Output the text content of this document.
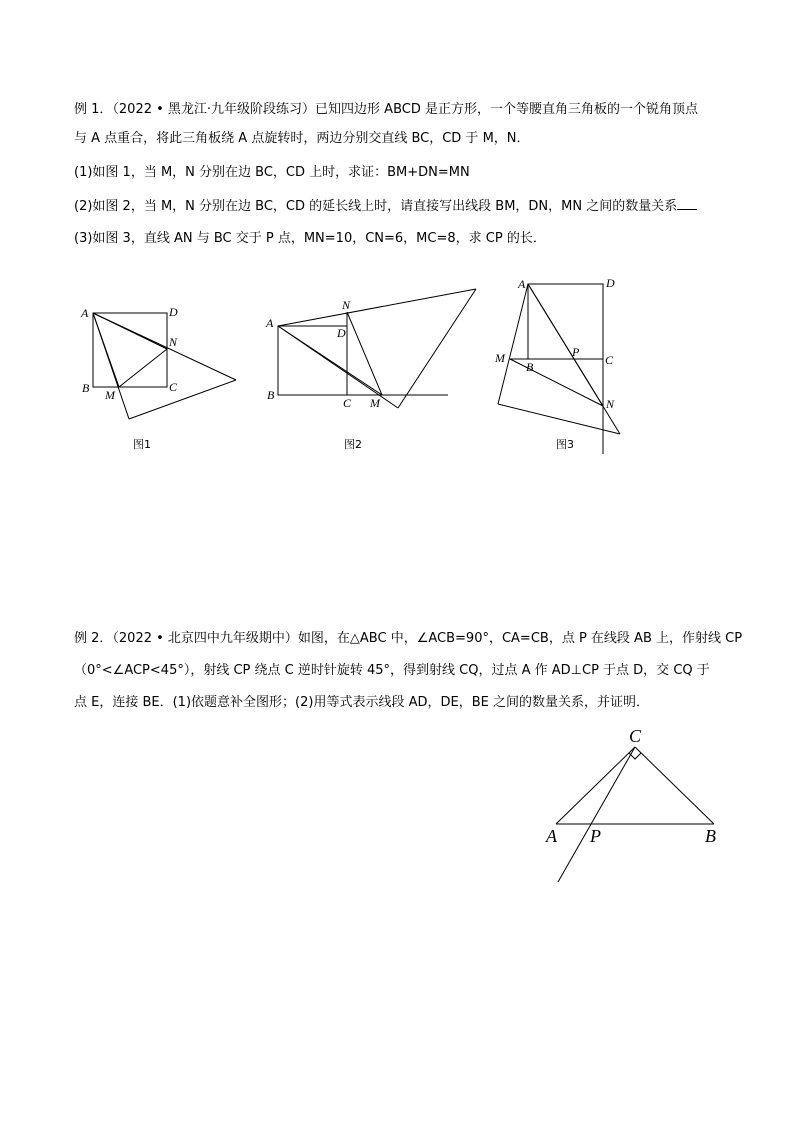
例 1．（2022 • 黑龙江·九年级阶段练习）已知四边形 ABCD 是正方形，一个等腰直角三角板的一个锐角顶点
与 A 点重合，将此三角板绕 A 点旋转时，两边分别交直线 BC，CD 于 M，N．
(1)如图 1，当 M，N 分别在边 BC，CD 上时，求证：BM+DN=MN
(2)如图 2，当 M，N 分别在边 BC，CD 的延长线上时，请直接写出线段 BM，DN，MN 之间的数量关系
(3)如图 3，直线 AN 与 BC 交于 P 点，MN=10，CN=6，MC=8，求 CP 的长．
A	D
N
B	C
M
图1
A
D
N
B
C M
图2
A	D
M
B
P
C
N
图3
例 2．（2022 • 北京四中九年级期中）如图，在△ABC 中，∠ACB=90°，CA=CB，点 P 在线段 AB 上，作射线 CP
（0°<∠ACP<45°），射线 CP 绕点 C 逆时针旋转 45°，得到射线 CQ，过点 A 作 AD⊥CP 于点 D，交 CQ 于
点 E，连接 BE．(1)依题意补全图形；(2)用等式表示线段 AD，DE，BE 之间的数量关系，并证明．
C
A P	B
